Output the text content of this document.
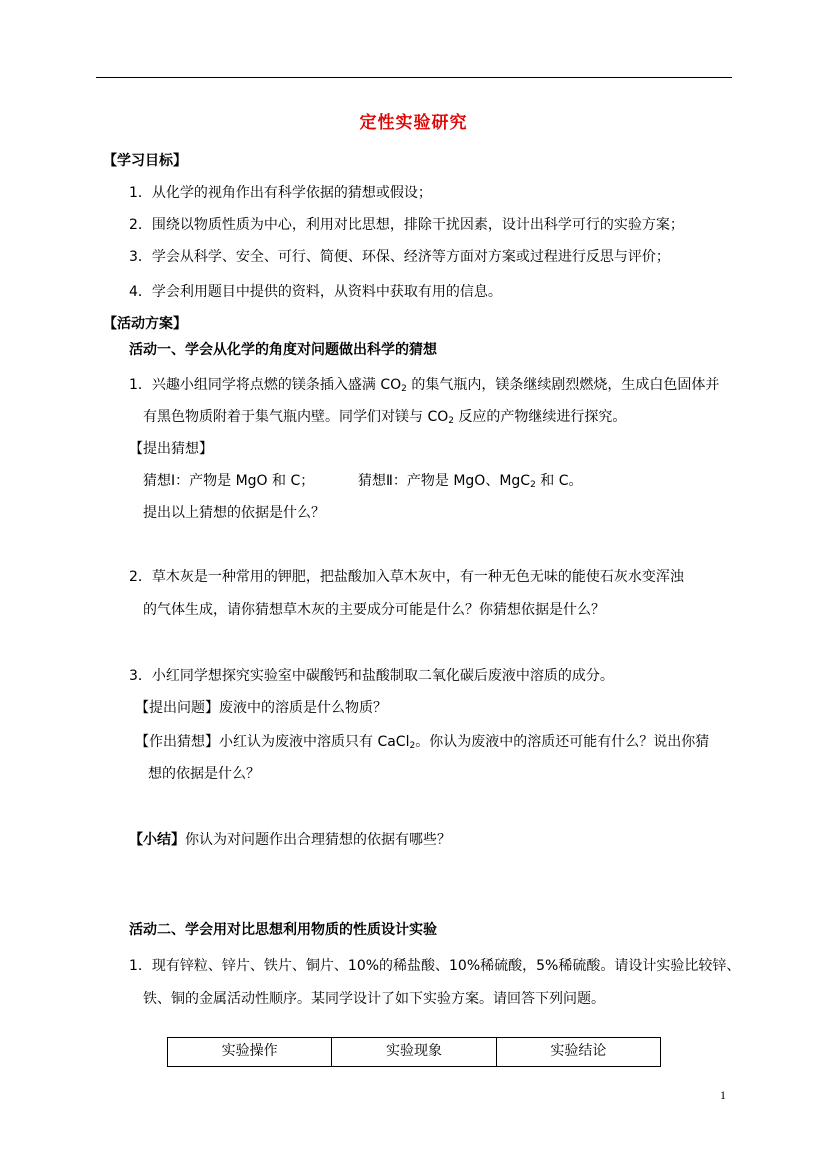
定性实验研究
【学习目标】
1．从化学的视角作出有科学依据的猜想或假设；
2．围绕以物质性质为中心，利用对比思想，排除干扰因素，设计出科学可行的实验方案；
3．学会从科学、安全、可行、简便、环保、经济等方面对方案或过程进行反思与评价；
4．学会利用题目中提供的资料，从资料中获取有用的信息。
【活动方案】
活动一、学会从化学的角度对问题做出科学的猜想
1．兴趣小组同学将点燃的镁条插入盛满 $CO_2$ 的集气瓶内，镁条继续剧烈燃烧，生成白色固体并
有黑色物质附着于集气瓶内壁。同学们对镁与 $CO_2$ 反应的产物继续进行探究。
【提出猜想】
猜想Ⅰ：产物是 MgO 和 C；	猜想Ⅱ：产物是 MgO、MgC$_2$ 和 C。
提出以上猜想的依据是什么？
2．草木灰是一种常用的钾肥，把盐酸加入草木灰中，有一种无色无味的能使石灰水变浑浊
的气体生成，请你猜想草木灰的主要成分可能是什么？你猜想依据是什么？
3．小红同学想探究实验室中碳酸钙和盐酸制取二氧化碳后废液中溶质的成分。
【提出问题】废液中的溶质是什么物质？
【作出猜想】小红认为废液中溶质只有 CaCl$_2$。你认为废液中的溶质还可能有什么？说出你猜
想的依据是什么？
【小结】你认为对问题作出合理猜想的依据有哪些？
活动二、学会用对比思想利用物质的性质设计实验
1．现有锌粒、锌片、铁片、铜片、10%的稀盐酸、10%稀硫酸，5%稀硫酸。请设计实验比较锌、
铁、铜的金属活动性顺序。某同学设计了如下实验方案。请回答下列问题。
实验操作	实验现象	实验结论
1
